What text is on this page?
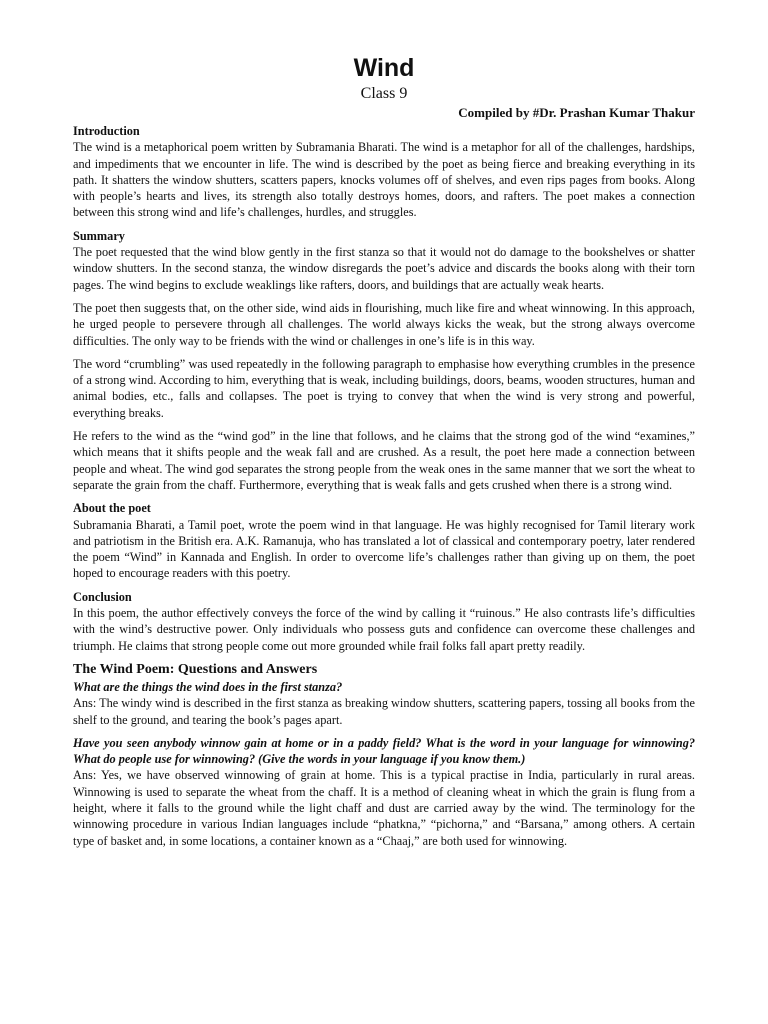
Wind
Class 9
Compiled by #Dr. Prashan Kumar Thakur
Introduction

The wind is a metaphorical poem written by Subramania Bharati. The wind is a metaphor for all of the challenges, hardships, and impediments that we encounter in life. The wind is described by the poet as being fierce and breaking everything in its path. It shatters the window shutters, scatters papers, knocks volumes off of shelves, and even rips pages from books. Along with people’s hearts and lives, its strength also totally destroys homes, doors, and rafters. The poet makes a connection between this strong wind and life’s challenges, hurdles, and struggles.

Summary

The poet requested that the wind blow gently in the first stanza so that it would not do damage to the bookshelves or shatter window shutters. In the second stanza, the window disregards the poet’s advice and discards the books along with their torn pages. The wind begins to exclude weaklings like rafters, doors, and buildings that are actually weak hearts.

The poet then suggests that, on the other side, wind aids in flourishing, much like fire and wheat winnowing. In this approach, he urged people to persevere through all challenges. The world always kicks the weak, but the strong always overcome difficulties. The only way to be friends with the wind or challenges in one’s life is in this way.

The word “crumbling” was used repeatedly in the following paragraph to emphasise how everything crumbles in the presence of a strong wind. According to him, everything that is weak, including buildings, doors, beams, wooden structures, human and animal bodies, etc., falls and collapses. The poet is trying to convey that when the wind is very strong and powerful, everything breaks.

He refers to the wind as the “wind god” in the line that follows, and he claims that the strong god of the wind “examines,” which means that it shifts people and the weak fall and are crushed. As a result, the poet here made a connection between people and wheat. The wind god separates the strong people from the weak ones in the same manner that we sort the wheat to separate the grain from the chaff. Furthermore, everything that is weak falls and gets crushed when there is a strong wind.

About the poet

Subramania Bharati, a Tamil poet, wrote the poem wind in that language. He was highly recognised for Tamil literary work and patriotism in the British era. A.K. Ramanuja, who has translated a lot of classical and contemporary poetry, later rendered the poem “Wind” in Kannada and English. In order to overcome life’s challenges rather than giving up on them, the poet hoped to encourage readers with this poetry.

Conclusion

In this poem, the author effectively conveys the force of the wind by calling it “ruinous.” He also contrasts life’s difficulties with the wind’s destructive power. Only individuals who possess guts and confidence can overcome these challenges and triumph. He claims that strong people come out more grounded while frail folks fall apart pretty readily.

The Wind Poem: Questions and Answers
What are the things the wind does in the first stanza?

Ans: The windy wind is described in the first stanza as breaking window shutters, scattering papers, tossing all books from the shelf to the ground, and tearing the book’s pages apart.

Have you seen anybody winnow gain at home or in a paddy field? What is the word in your language for winnowing? What do people use for winnowing? (Give the words in your language if you know them.)

Ans: Yes, we have observed winnowing of grain at home. This is a typical practise in India, particularly in rural areas. Winnowing is used to separate the wheat from the chaff. It is a method of cleaning wheat in which the grain is flung from a height, where it falls to the ground while the light chaff and dust are carried away by the wind. The terminology for the winnowing procedure in various Indian languages include “phatkna,” “pichorna,” and “Barsana,” among others. A certain type of basket and, in some locations, a container known as a “Chaaj,” are both used for winnowing.
